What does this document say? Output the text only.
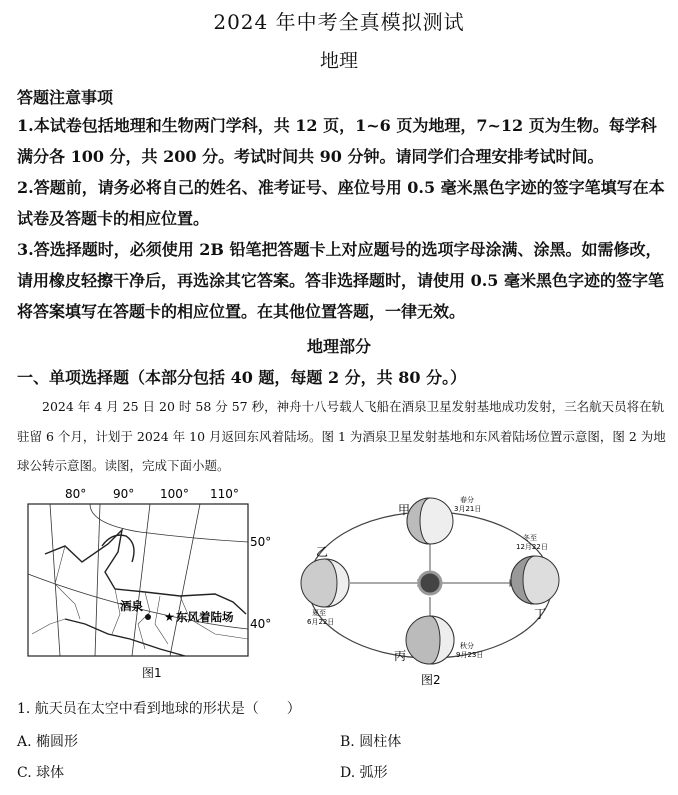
2024 年中考全真模拟测试
地理
答题注意事项
1.本试卷包括地理和生物两门学科，共 12 页，1~6 页为地理，7~12 页为生物。每学科满分各 100 分，共 200 分。考试时间共 90 分钟。请同学们合理安排考试时间。
2.答题前，请务必将自己的姓名、准考证号、座位号用 0.5 毫米黑色字迹的签字笔填写在本试卷及答题卡的相应位置。
3.答选择题时，必须使用 2B 铅笔把答题卡上对应题号的选项字母涂满、涂黑。如需修改，请用橡皮轻擦干净后，再选涂其它答案。答非选择题时，请使用 0.5 毫米黑色字迹的签字笔将答案填写在答题卡的相应位置。在其他位置答题，一律无效。
地理部分
一、单项选择题（本部分包括 40 题，每题 2 分，共 80 分。）
2024 年 4 月 25 日 20 时 58 分 57 秒，神舟十八号载人飞船在酒泉卫星发射基地成功发射，三名航天员将在轨驻留 6 个月，计划于 2024 年 10 月返回东风着陆场。图 1 为酒泉卫星发射基地和东风着陆场位置示意图，图 2 为地球公转示意图。读图，完成下面小题。
80° 90° 100° 110°
50°
40°
酒泉
★ 东风着陆场
图1
甲
乙
丙
丁
春分
3月21日
夏至
6月22日
秋分
9月23日
冬至
12月22日
图2
1. 航天员在太空中看到地球的形状是（　　）
A. 椭圆形	B. 圆柱体
C. 球体	D. 弧形
